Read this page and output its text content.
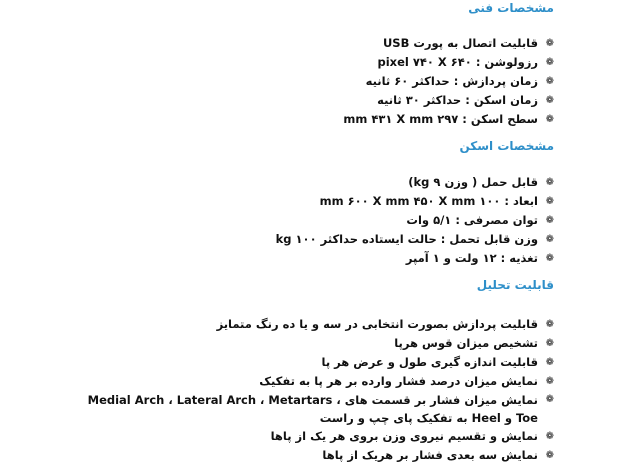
مشخصات فنی
❁
قابلیت اتصال به پورت USB
❁
رزولوشن : pixel ۷۴۰ X ۶۴۰
❁
زمان پردازش : حداکثر ۶۰ ثانیه
❁
زمان اسکن : حداکثر ۳۰ ثانیه
❁
سطح اسکن : mm ۴۳۱ X mm ۲۹۷
مشخصات اسکن
❁
قابل حمل ( وزن ۹ kg)
❁
ابعاد : mm ۶۰۰ X mm ۴۵۰ X mm ۱۰۰
❁
توان مصرفی : ۵/۱ وات
❁
وزن قابل تحمل : حالت ایستاده حداکثر ۱۰۰ kg
❁
تغذیه : ۱۲ ولت و ۱ آمپر
قابلیت تحلیل
❁
قابلیت پردازش بصورت انتخابی در سه و یا ده رنگ متمایز
❁
تشخیص میزان قوس هرپا
❁
قابلیت اندازه گیری طول و عرض هر پا
❁
نمایش میزان درصد فشار وارده بر هر پا به تفکیک
❁
نمایش میزان فشار بر قسمت های Medial Arch ، Lateral Arch ، Metartars ، Toe و Heel به تفکیک پای چپ و راست
❁
نمایش و تقسیم نیروی وزن بروی هر یک از پاها
❁
نمایش سه بعدی فشار بر هریک از پاها
